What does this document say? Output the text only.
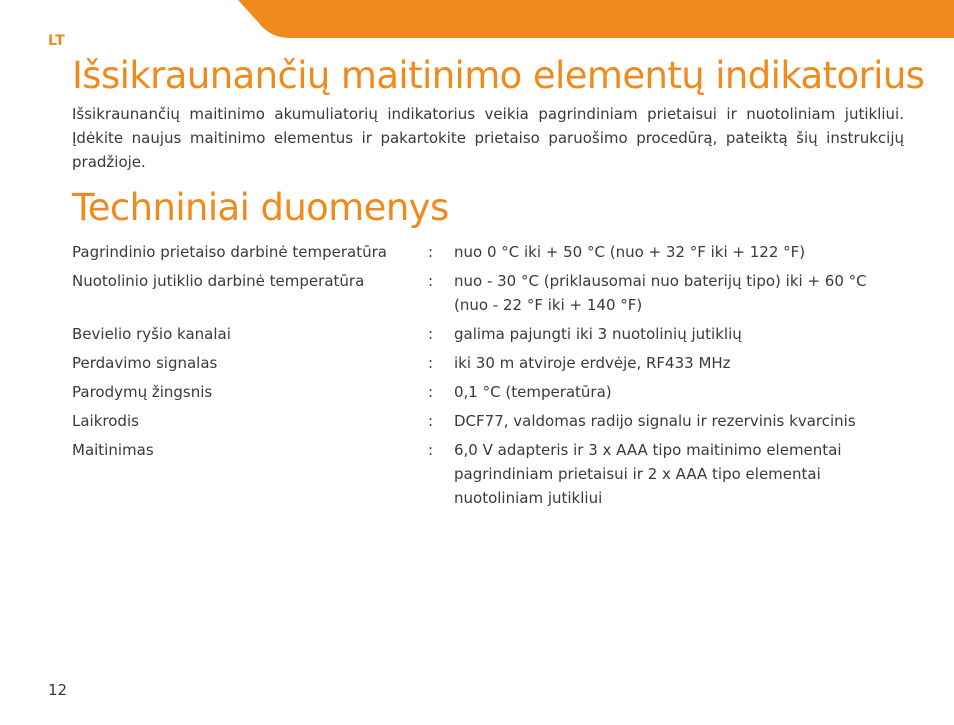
LT
Išsikraunančių maitinimo elementų indikatorius

Išsikraunančių maitinimo akumuliatorių indikatorius veikia pagrindiniam prietaisui ir nuotoliniam jutikliui. Įdėkite naujus maitinimo elementus ir pakartokite prietaiso paruošimo procedūrą, pateiktą šių instrukcijų pradžioje.

Techniniai duomenys
Pagrindinio prietaiso darbinė temperatūra	:	nuo 0 °C iki + 50 °C (nuo + 32 °F iki + 122 °F)
Nuotolinio jutiklio darbinė temperatūra	:	nuo - 30 °C (priklausomai nuo baterijų tipo) iki + 60 °C (nuo - 22 °F iki + 140 °F)
Bevielio ryšio kanalai	:	galima pajungti iki 3 nuotolinių jutiklių
Perdavimo signalas	:	iki 30 m atviroje erdvėje, RF433 MHz
Parodymų žingsnis	:	0,1 °C (temperatūra)
Laikrodis	:	DCF77, valdomas radijo signalu ir rezervinis kvarcinis
Maitinimas	:	6,0 V adapteris ir 3 x AAA tipo maitinimo elementai pagrindiniam prietaisui ir 2 x AAA tipo elementai nuotoliniam jutikliui
12
